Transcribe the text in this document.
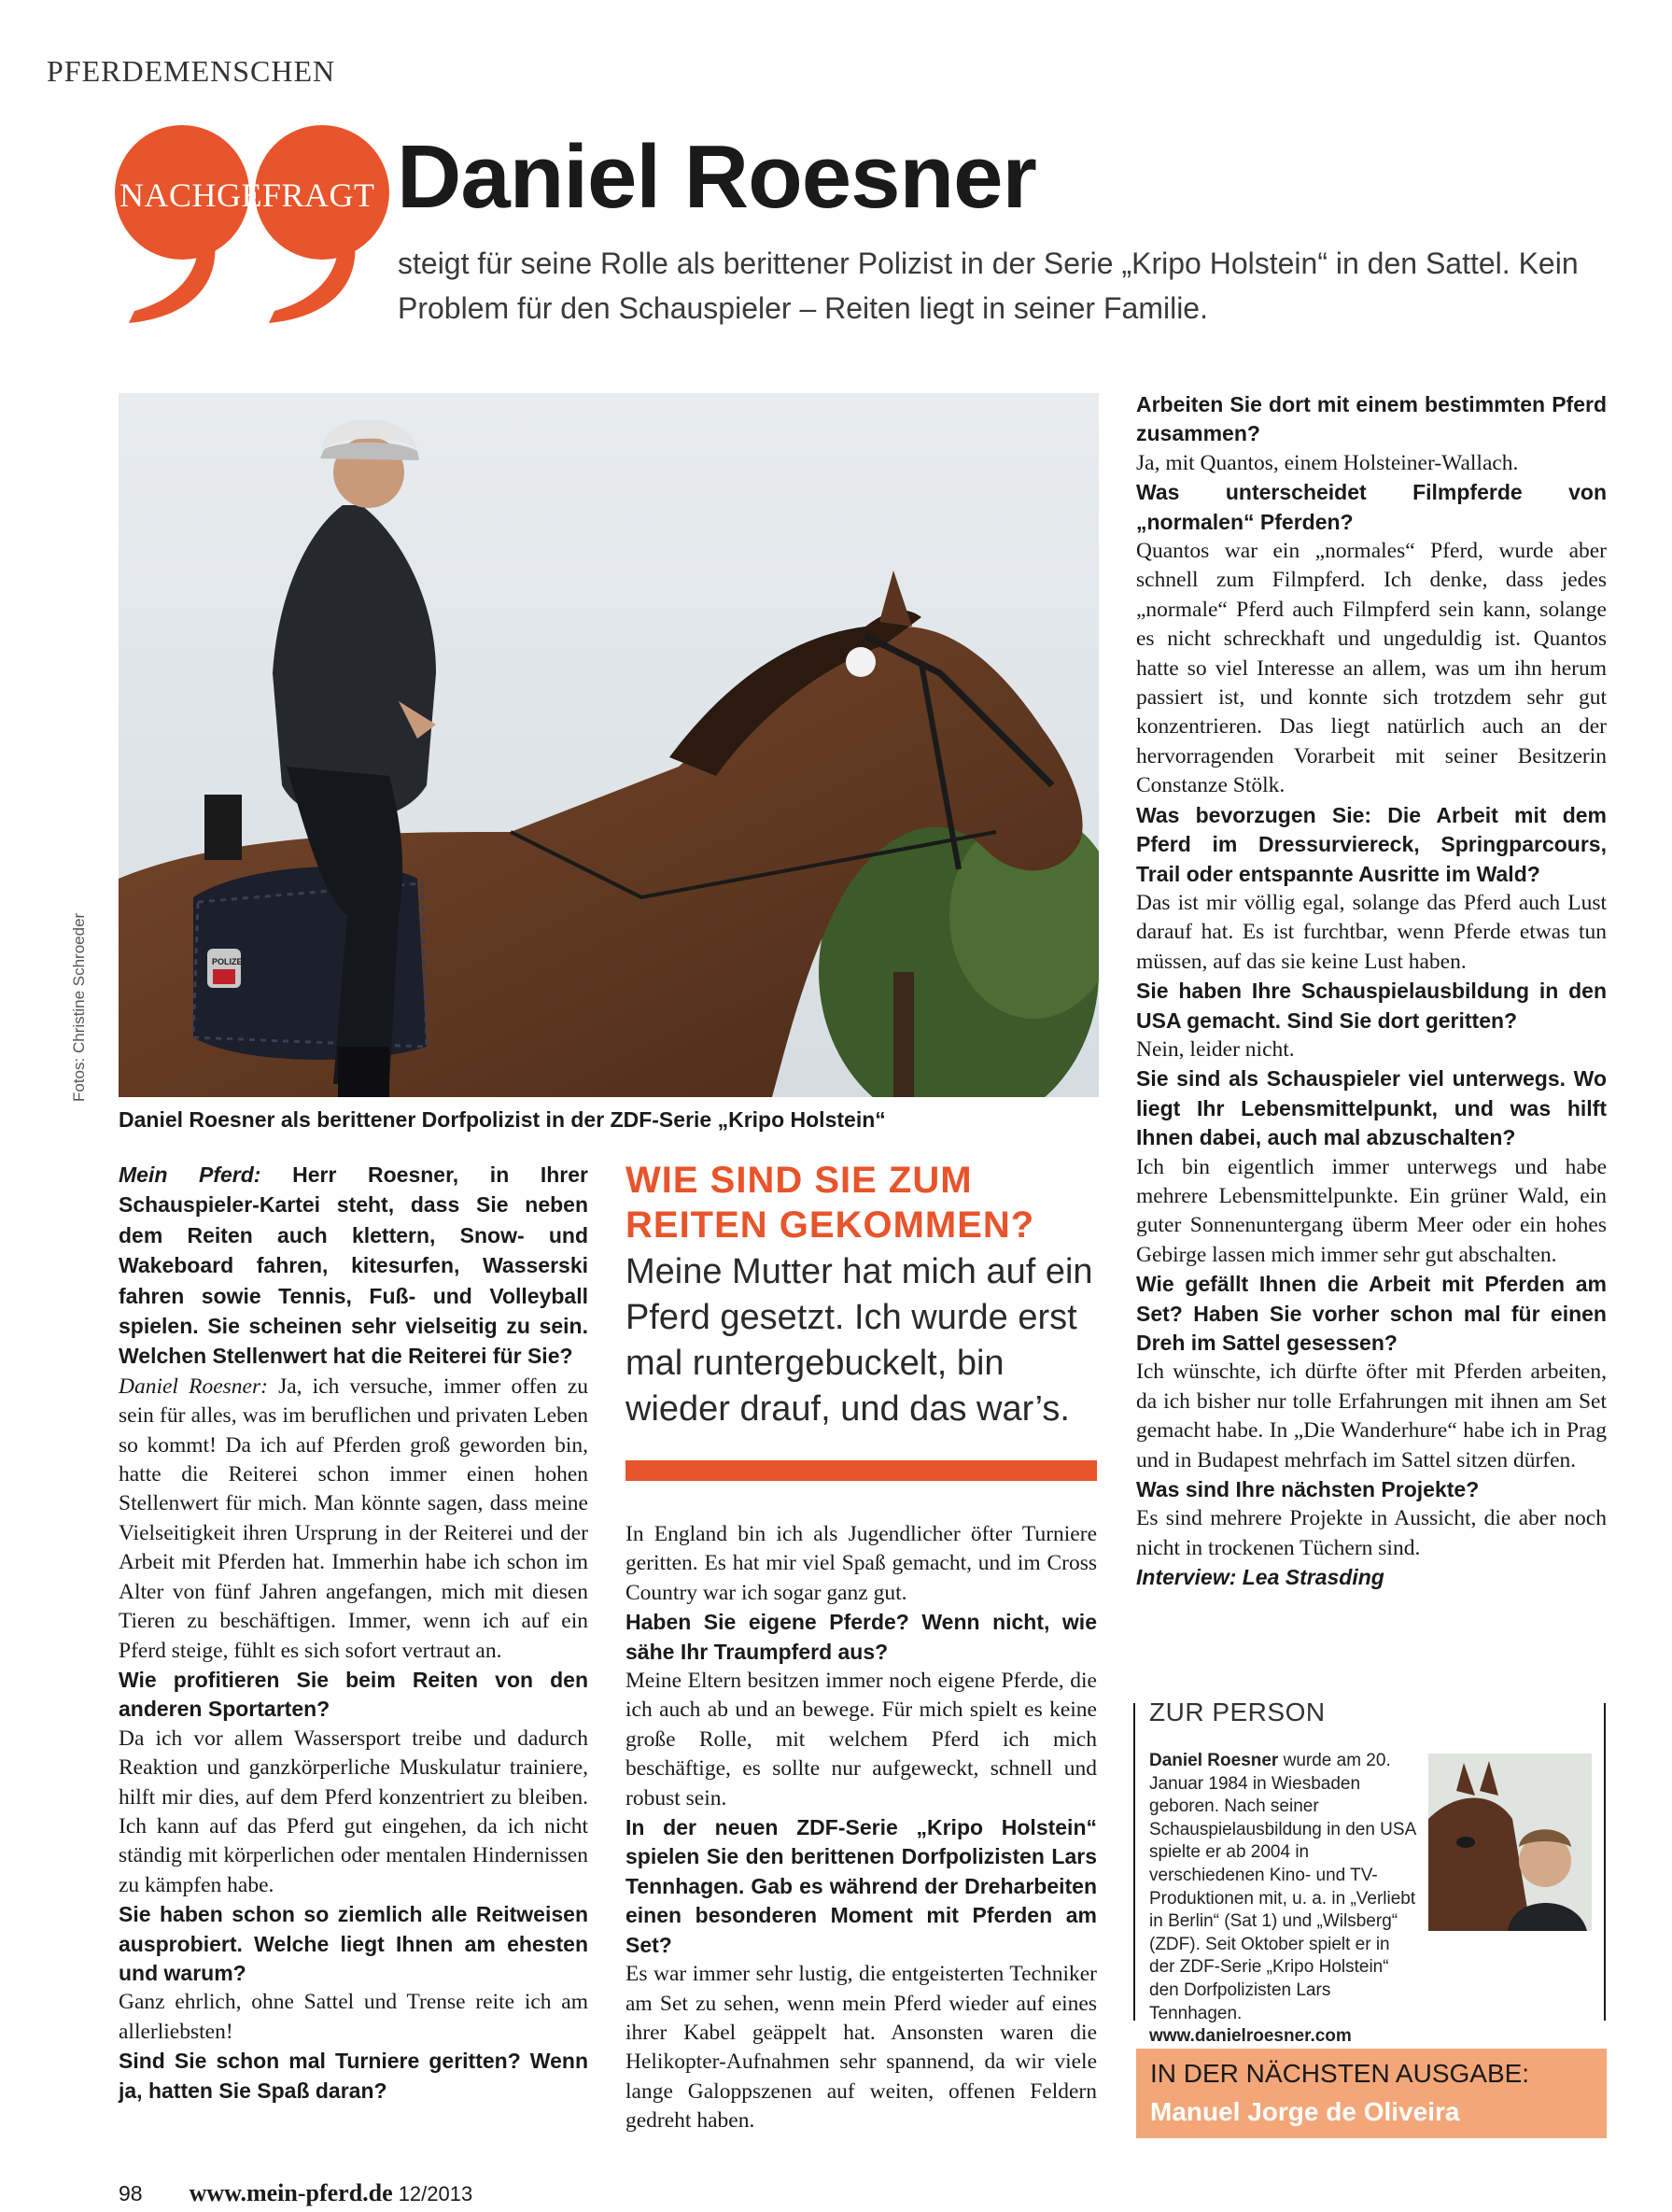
PFERDEMENSCHEN
NACHGEFRAGT Daniel Roesner
steigt für seine Rolle als berittener Polizist in der Serie „Kripo Holstein“ in den Sattel. Kein Problem für den Schauspieler – Reiten liegt in seiner Familie.
POLIZEI
Fotos: Christine Schroeder
Daniel Roesner als berittener Dorfpolizist in der ZDF-Serie „Kripo Holstein“

Mein Pferd: Herr Roesner, in Ihrer Schauspieler-Kartei steht, dass Sie neben dem Reiten auch klettern, Snow- und Wakeboard fahren, kitesurfen, Wasserski fahren sowie Tennis, Fuß- und Volleyball spielen. Sie scheinen sehr vielseitig zu sein. Welchen Stellenwert hat die Reiterei für Sie?

Daniel Roesner: Ja, ich versuche, immer offen zu sein für alles, was im beruflichen und privaten Leben so kommt! Da ich auf Pferden groß geworden bin, hatte die Reiterei schon immer einen hohen Stellenwert für mich. Man könnte sagen, dass meine Vielseitigkeit ihren Ursprung in der Reiterei und der Arbeit mit Pferden hat. Immerhin habe ich schon im Alter von fünf Jahren angefangen, mich mit diesen Tieren zu beschäftigen. Immer, wenn ich auf ein Pferd steige, fühlt es sich sofort vertraut an.

Wie profitieren Sie beim Reiten von den anderen Sportarten?

Da ich vor allem Wassersport treibe und dadurch Reaktion und ganzkörperliche Muskulatur trainiere, hilft mir dies, auf dem Pferd konzentriert zu bleiben. Ich kann auf das Pferd gut eingehen, da ich nicht ständig mit körperlichen oder mentalen Hindernissen zu kämpfen habe.

Sie haben schon so ziemlich alle Reitweisen ausprobiert. Welche liegt Ihnen am ehesten und warum?

Ganz ehrlich, ohne Sattel und Trense reite ich am allerliebsten!

Sind Sie schon mal Turniere geritten? Wenn ja, hatten Sie Spaß daran?

WIE SIND SIE ZUM REITEN GEKOMMEN?
Meine Mutter hat mich auf ein Pferd gesetzt. Ich wurde erst mal runtergebuckelt, bin wieder drauf, und das war’s.

In England bin ich als Jugendlicher öfter Turniere geritten. Es hat mir viel Spaß gemacht, und im Cross Country war ich sogar ganz gut.

Haben Sie eigene Pferde? Wenn nicht, wie sähe Ihr Traumpferd aus?

Meine Eltern besitzen immer noch eigene Pferde, die ich auch ab und an bewege. Für mich spielt es keine große Rolle, mit welchem Pferd ich mich beschäftige, es sollte nur aufgeweckt, schnell und robust sein.

In der neuen ZDF-Serie „Kripo Holstein“ spielen Sie den berittenen Dorfpolizisten Lars Tennhagen. Gab es während der Dreharbeiten einen besonderen Moment mit Pferden am Set?

Es war immer sehr lustig, die entgeisterten Techniker am Set zu sehen, wenn mein Pferd wieder auf eines ihrer Kabel geäppelt hat. Ansonsten waren die Helikopter-Aufnahmen sehr spannend, da wir viele lange Galoppszenen auf weiten, offenen Feldern gedreht haben.

Arbeiten Sie dort mit einem bestimmten Pferd zusammen?

Ja, mit Quantos, einem Holsteiner-Wallach.

Was unterscheidet Filmpferde von „normalen“ Pferden?

Quantos war ein „normales“ Pferd, wurde aber schnell zum Filmpferd. Ich denke, dass jedes „normale“ Pferd auch Filmpferd sein kann, solange es nicht schreckhaft und ungeduldig ist. Quantos hatte so viel Interesse an allem, was um ihn herum passiert ist, und konnte sich trotzdem sehr gut konzentrieren. Das liegt natürlich auch an der hervorragenden Vorarbeit mit seiner Besitzerin Constanze Stölk.

Was bevorzugen Sie: Die Arbeit mit dem Pferd im Dressurviereck, Springparcours, Trail oder entspannte Ausritte im Wald?

Das ist mir völlig egal, solange das Pferd auch Lust darauf hat. Es ist furchtbar, wenn Pferde etwas tun müssen, auf das sie keine Lust haben.

Sie haben Ihre Schauspielausbildung in den USA gemacht. Sind Sie dort geritten?

Nein, leider nicht.

Sie sind als Schauspieler viel unterwegs. Wo liegt Ihr Lebensmittelpunkt, und was hilft Ihnen dabei, auch mal abzuschalten?

Ich bin eigentlich immer unterwegs und habe mehrere Lebensmittelpunkte. Ein grüner Wald, ein guter Sonnenuntergang überm Meer oder ein hohes Gebirge lassen mich immer sehr gut abschalten.

Wie gefällt Ihnen die Arbeit mit Pferden am Set? Haben Sie vorher schon mal für einen Dreh im Sattel gesessen?

Ich wünschte, ich dürfte öfter mit Pferden arbeiten, da ich bisher nur tolle Erfahrungen mit ihnen am Set gemacht habe. In „Die Wanderhure“ habe ich in Prag und in Budapest mehrfach im Sattel sitzen dürfen.

Was sind Ihre nächsten Projekte?

Es sind mehrere Projekte in Aussicht, die aber noch nicht in trockenen Tüchern sind.

Interview: Lea Strasding

ZUR PERSON
Daniel Roesner wurde am 20. Januar 1984 in Wiesbaden geboren. Nach seiner Schauspielausbildung in den USA spielte er ab 2004 in verschiedenen Kino- und TV-Produktionen mit, u. a. in „Verliebt in Berlin“ (Sat 1) und „Wilsberg“ (ZDF). Seit Oktober spielt er in der ZDF-Serie „Kripo Holstein“ den Dorfpolizisten Lars Tennhagen.
www.danielroesner.com
IN DER NÄCHSTEN AUSGABE:
Manuel Jorge de Oliveira
98 www.mein-pferd.de 12/2013
